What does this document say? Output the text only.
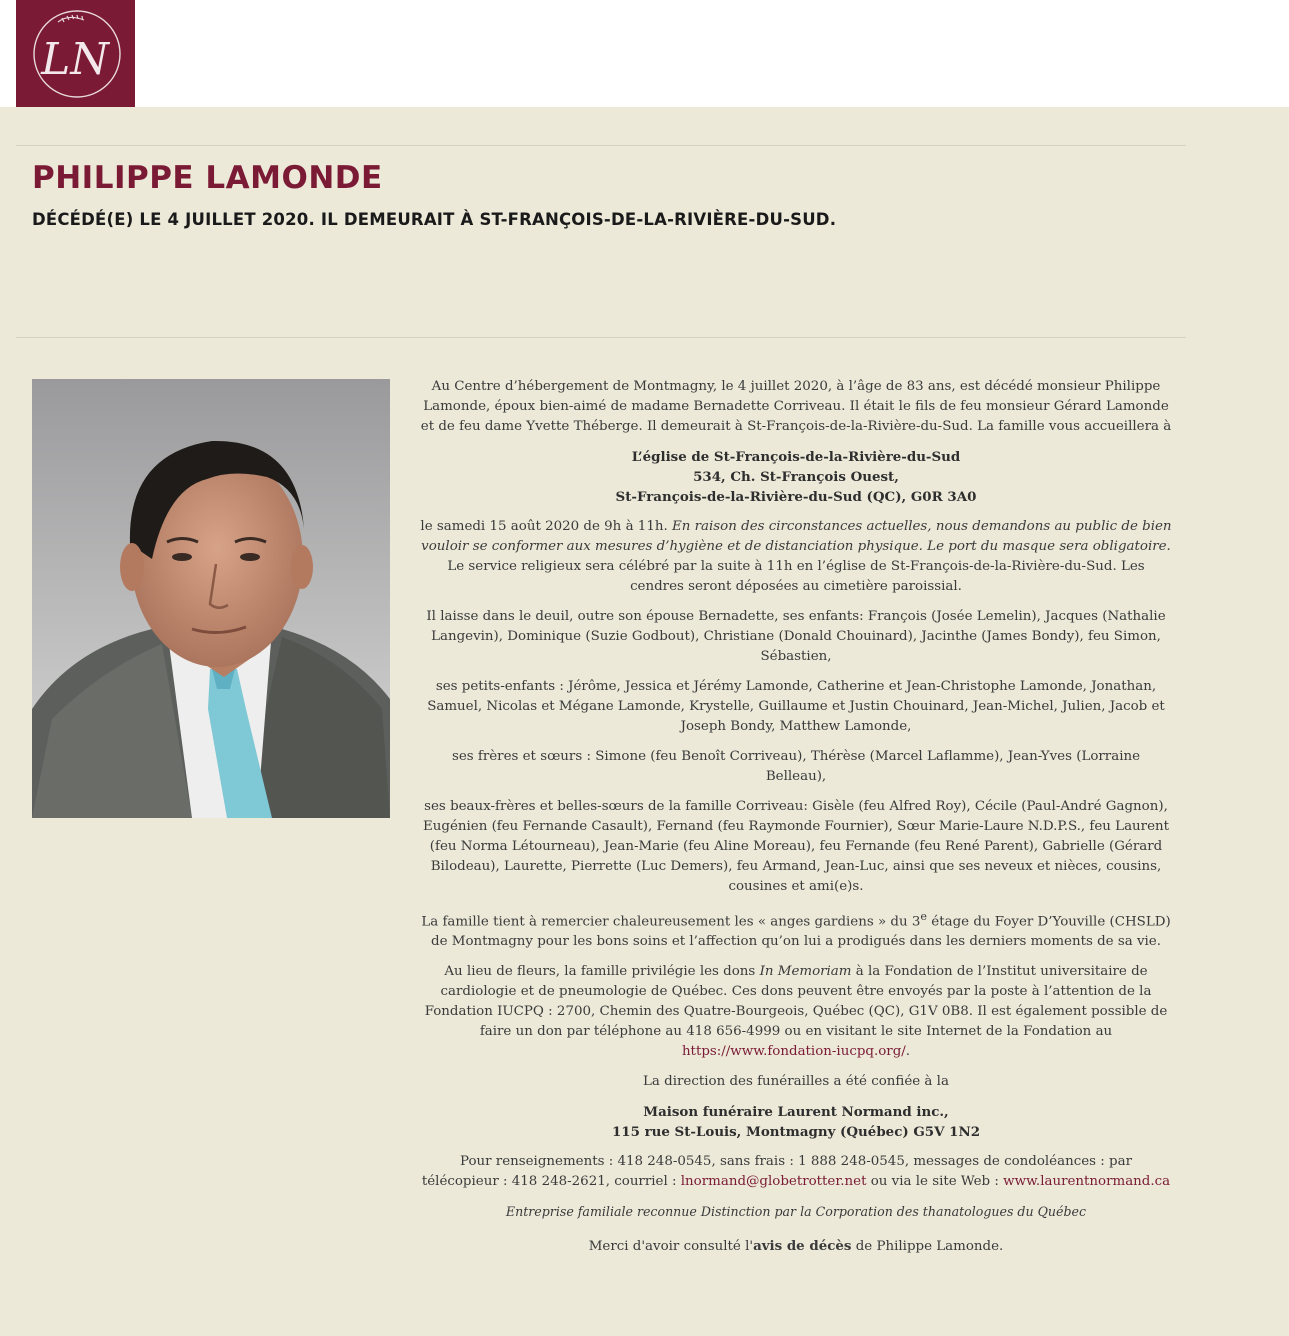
LN
PHILIPPE LAMONDE
DÉCÉDÉ(E) LE 4 JUILLET 2020. IL DEMEURAIT À ST-FRANÇOIS-DE-LA-RIVIÈRE-DU-SUD.

Au Centre d’hébergement de Montmagny, le 4 juillet 2020, à l’âge de 83 ans, est décédé monsieur Philippe Lamonde, époux bien-aimé de madame Bernadette Corriveau. Il était le fils de feu monsieur Gérard Lamonde et de feu dame Yvette Théberge. Il demeurait à St-François-de-la-Rivière-du-Sud. La famille vous accueillera à

L’église de St-François-de-la-Rivière-du-Sud
534, Ch. St-François Ouest,
St-François-de-la-Rivière-du-Sud (QC), G0R 3A0

le samedi 15 août 2020 de 9h à 11h. En raison des circonstances actuelles, nous demandons au public de bien vouloir se conformer aux mesures d’hygiène et de distanciation physique. Le port du masque sera obligatoire. Le service religieux sera célébré par la suite à 11h en l’église de St-François-de-la-Rivière-du-Sud. Les cendres seront déposées au cimetière paroissial.

Il laisse dans le deuil, outre son épouse Bernadette, ses enfants: François (Josée Lemelin), Jacques (Nathalie Langevin), Dominique (Suzie Godbout), Christiane (Donald Chouinard), Jacinthe (James Bondy), feu Simon, Sébastien,

ses petits-enfants : Jérôme, Jessica et Jérémy Lamonde, Catherine et Jean-Christophe Lamonde, Jonathan, Samuel, Nicolas et Mégane Lamonde, Krystelle, Guillaume et Justin Chouinard, Jean-Michel, Julien, Jacob et Joseph Bondy, Matthew Lamonde,

ses frères et sœurs : Simone (feu Benoît Corriveau), Thérèse (Marcel Laflamme), Jean-Yves (Lorraine Belleau),

ses beaux-frères et belles-sœurs de la famille Corriveau: Gisèle (feu Alfred Roy), Cécile (Paul-André Gagnon), Eugénien (feu Fernande Casault), Fernand (feu Raymonde Fournier), Sœur Marie-Laure N.D.P.S., feu Laurent (feu Norma Létourneau), Jean-Marie (feu Aline Moreau), feu Fernande (feu René Parent), Gabrielle (Gérard Bilodeau), Laurette, Pierrette (Luc Demers), feu Armand, Jean-Luc, ainsi que ses neveux et nièces, cousins, cousines et ami(e)s.

La famille tient à remercier chaleureusement les « anges gardiens » du 3e étage du Foyer D’Youville (CHSLD) de Montmagny pour les bons soins et l’affection qu’on lui a prodigués dans les derniers moments de sa vie.

Au lieu de fleurs, la famille privilégie les dons In Memoriam à la Fondation de l’Institut universitaire de cardiologie et de pneumologie de Québec. Ces dons peuvent être envoyés par la poste à l’attention de la Fondation IUCPQ : 2700, Chemin des Quatre-Bourgeois, Québec (QC), G1V 0B8. Il est également possible de faire un don par téléphone au 418 656-4999 ou en visitant le site Internet de la Fondation au https://www.fondation-iucpq.org/.

La direction des funérailles a été confiée à la

Maison funéraire Laurent Normand inc.,
115 rue St-Louis, Montmagny (Québec) G5V 1N2

Pour renseignements : 418 248-0545, sans frais : 1 888 248-0545, messages de condoléances : par télécopieur : 418 248-2621, courriel : lnormand@globetrotter.net ou via le site Web : www.laurentnormand.ca

Entreprise familiale reconnue Distinction par la Corporation des thanatologues du Québec

Merci d'avoir consulté l'avis de décès de Philippe Lamonde.
